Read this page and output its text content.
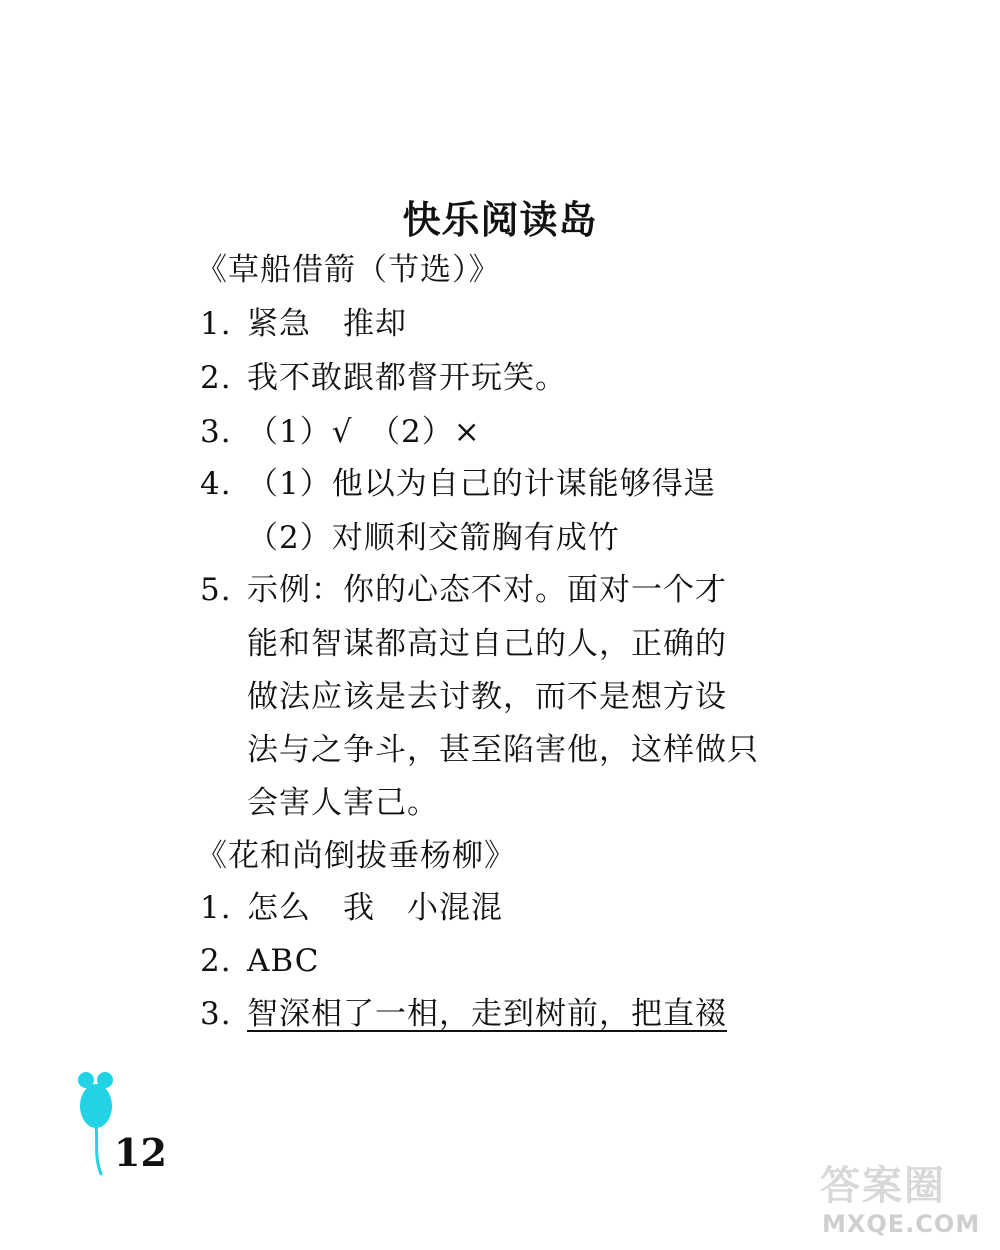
快乐阅读岛
《草船借箭（节选）》
1. 紧急　推却
2. 我不敢跟都督开玩笑。
3. （1）√　（2）×
4. （1）他以为自己的计谋能够得逞
（2）对顺利交箭胸有成竹
5. 示例：你的心态不对。面对一个才
能和智谋都高过自己的人，正确的
做法应该是去讨教，而不是想方设
法与之争斗，甚至陷害他，这样做只
会害人害己。
《花和尚倒拔垂杨柳》
1. 怎么　我　小混混
2. ABC
3. 智深相了一相，走到树前，把直裰
12
答案圈
MXQE.COM
